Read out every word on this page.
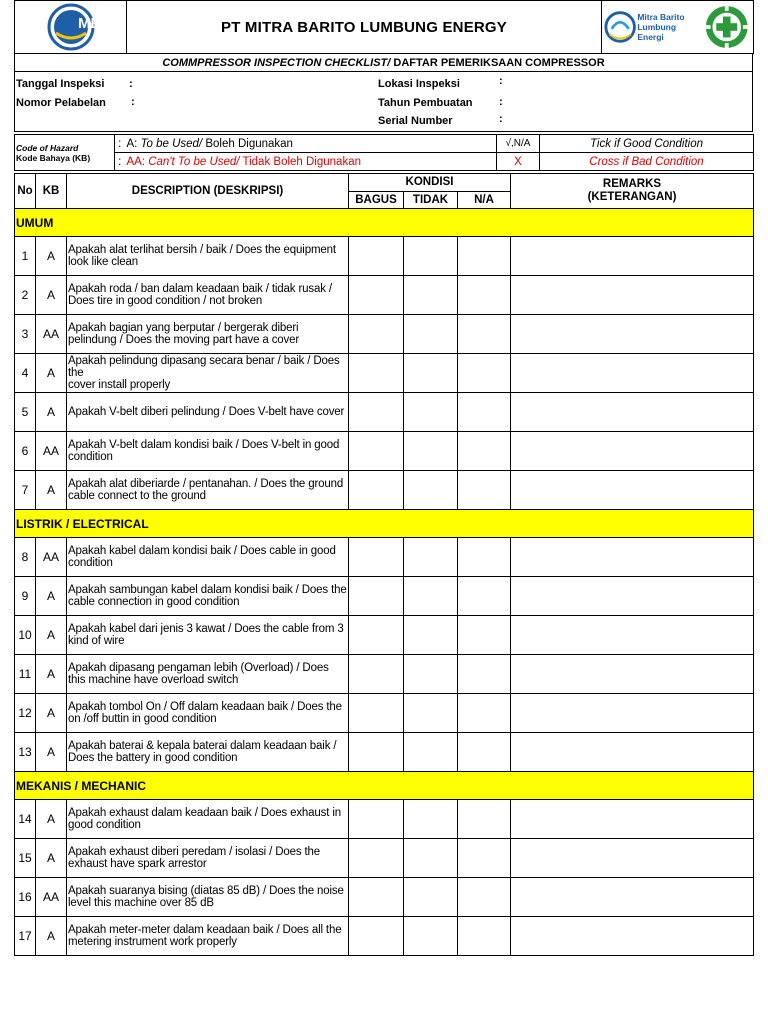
MB	PT MITRA BARITO LUMBUNG ENERGY	
Mitra Barito
Lumbung Energi
COMMPRESSOR INSPECTION CHECKLIST/ DAFTAR PEMERIKSAAN COMPRESSOR
Tanggal Inspeksi :
Nomor Pelabelan :
Lokasi Inspeksi	:
Tahun Pembuatan :
Serial Number	:
Code of Hazard
Kode Bahaya (KB)	:	A: To be Used/ Boleh Digunakan	√,N/A	Tick if Good Condition
	:	AA: Can't To be Used/ Tidak Boleh Digunakan	X	Cross if Bad Condition
No	KB	DESCRIPTION (DESKRIPSI)	KONDISI			REMARKS
(KETERANGAN)
			BAGUS	TIDAK	N/A	
UMUM						
1	A	Apakah alat terlihat bersih / baik / Does the equipment look like clean				
2	A	Apakah roda / ban dalam keadaan baik / tidak rusak / Does tire in good condition / not broken				
3	AA	Apakah bagian yang berputar / bergerak diberi pelindung / Does the moving part have a cover				
4	A	Apakah pelindung dipasang secara benar / baik / Does the
cover install properly				
5	A	Apakah V-belt diberi pelindung / Does V-belt have cover				
6	AA	Apakah V-belt dalam kondisi baik / Does V-belt in good condition				
7	A	Apakah alat diberiarde / pentanahan. / Does the ground cable connect to the ground				
LISTRIK / ELECTRICAL						
8	AA	Apakah kabel dalam kondisi baik / Does cable in good condition				
9	A	Apakah sambungan kabel dalam kondisi baik / Does the cable connection in good condition				
10	A	Apakah kabel dari jenis 3 kawat / Does the cable from 3 kind of wire				
11	A	Apakah dipasang pengaman lebih (Overload) / Does this machine have overload switch				
12	A	Apakah tombol On / Off dalam keadaan baik / Does the on /off buttin in good condition				
13	A	Apakah baterai & kepala baterai dalam keadaan baik / Does the battery in good condition				
MEKANIS / MECHANIC						
14	A	Apakah exhaust dalam keadaan baik / Does exhaust in good condition				
15	A	Apakah exhaust diberi peredam / isolasi / Does the exhaust have spark arrestor				
16	AA	Apakah suaranya bising (diatas 85 dB) / Does the noise level this machine over 85 dB				
17	A	Apakah meter-meter dalam keadaan baik / Does all the metering instrument work properly				
